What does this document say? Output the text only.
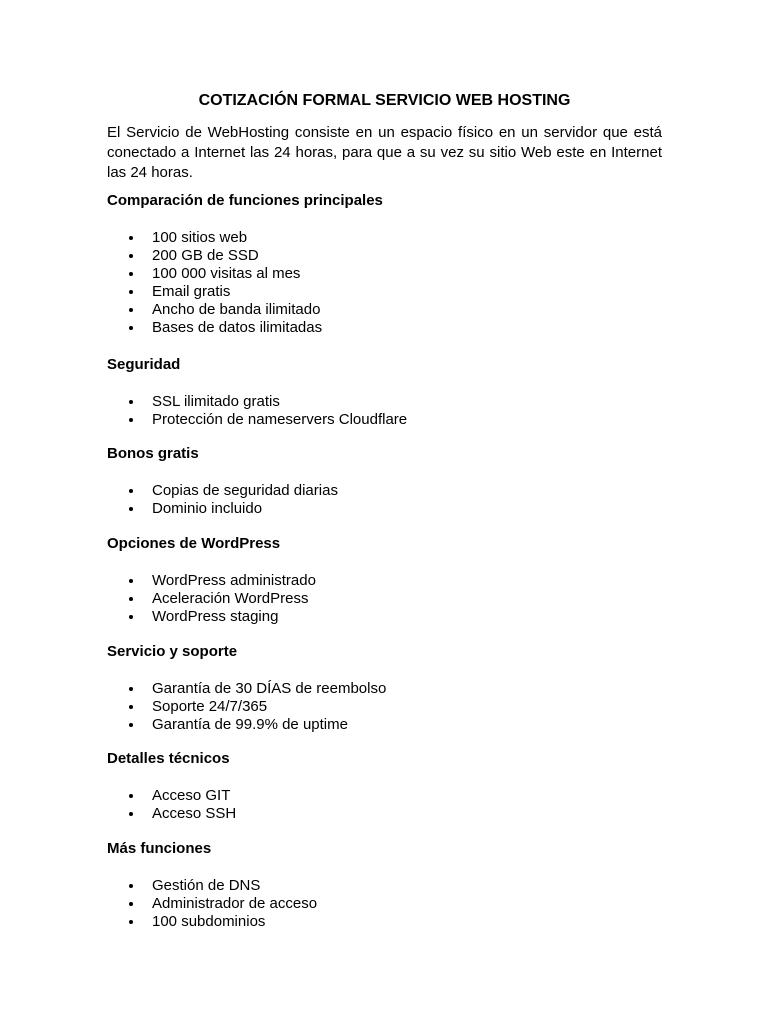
COTIZACIÓN FORMAL SERVICIO WEB HOSTING

El Servicio de WebHosting consiste en un espacio físico en un servidor que está conectado a Internet las 24 horas, para que a su vez su sitio Web este en Internet las 24 horas.

Comparación de funciones principales
100 sitios web
200 GB de SSD
100 000 visitas al mes
Email gratis
Ancho de banda ilimitado
Bases de datos ilimitadas
Seguridad
SSL ilimitado gratis
Protección de nameservers Cloudflare
Bonos gratis
Copias de seguridad diarias
Dominio incluido
Opciones de WordPress
WordPress administrado
Aceleración WordPress
WordPress staging
Servicio y soporte
Garantía de 30 DÍAS de reembolso
Soporte 24/7/365
Garantía de 99.9% de uptime
Detalles técnicos
Acceso GIT
Acceso SSH
Más funciones
Gestión de DNS
Administrador de acceso
100 subdominios
